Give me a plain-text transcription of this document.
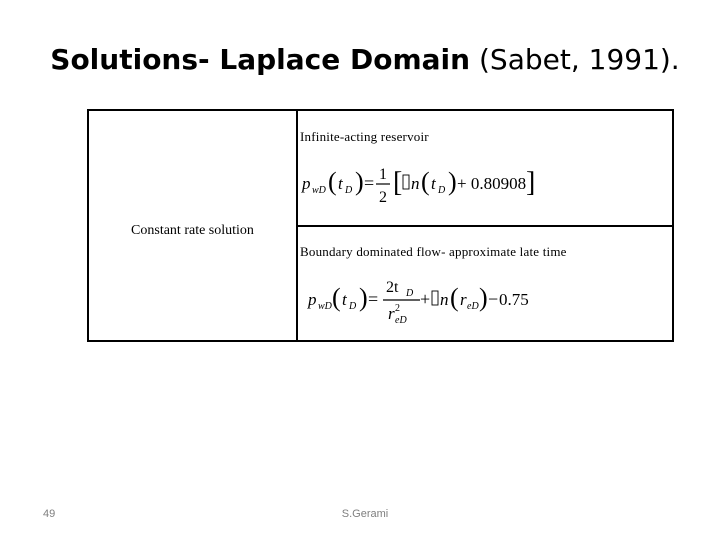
Solutions- Laplace Domain (Sabet, 1991).
Constant rate solution
Infinite-acting reservoir
p wD ( t D ) = 1
2 [ n ( t D ) + 0.80908 ]
Boundary dominated flow- approximate late time
p wD ( t D ) =
2t D
r 2
eD
+ n ( r eD ) − 0.75
49	S.Gerami
